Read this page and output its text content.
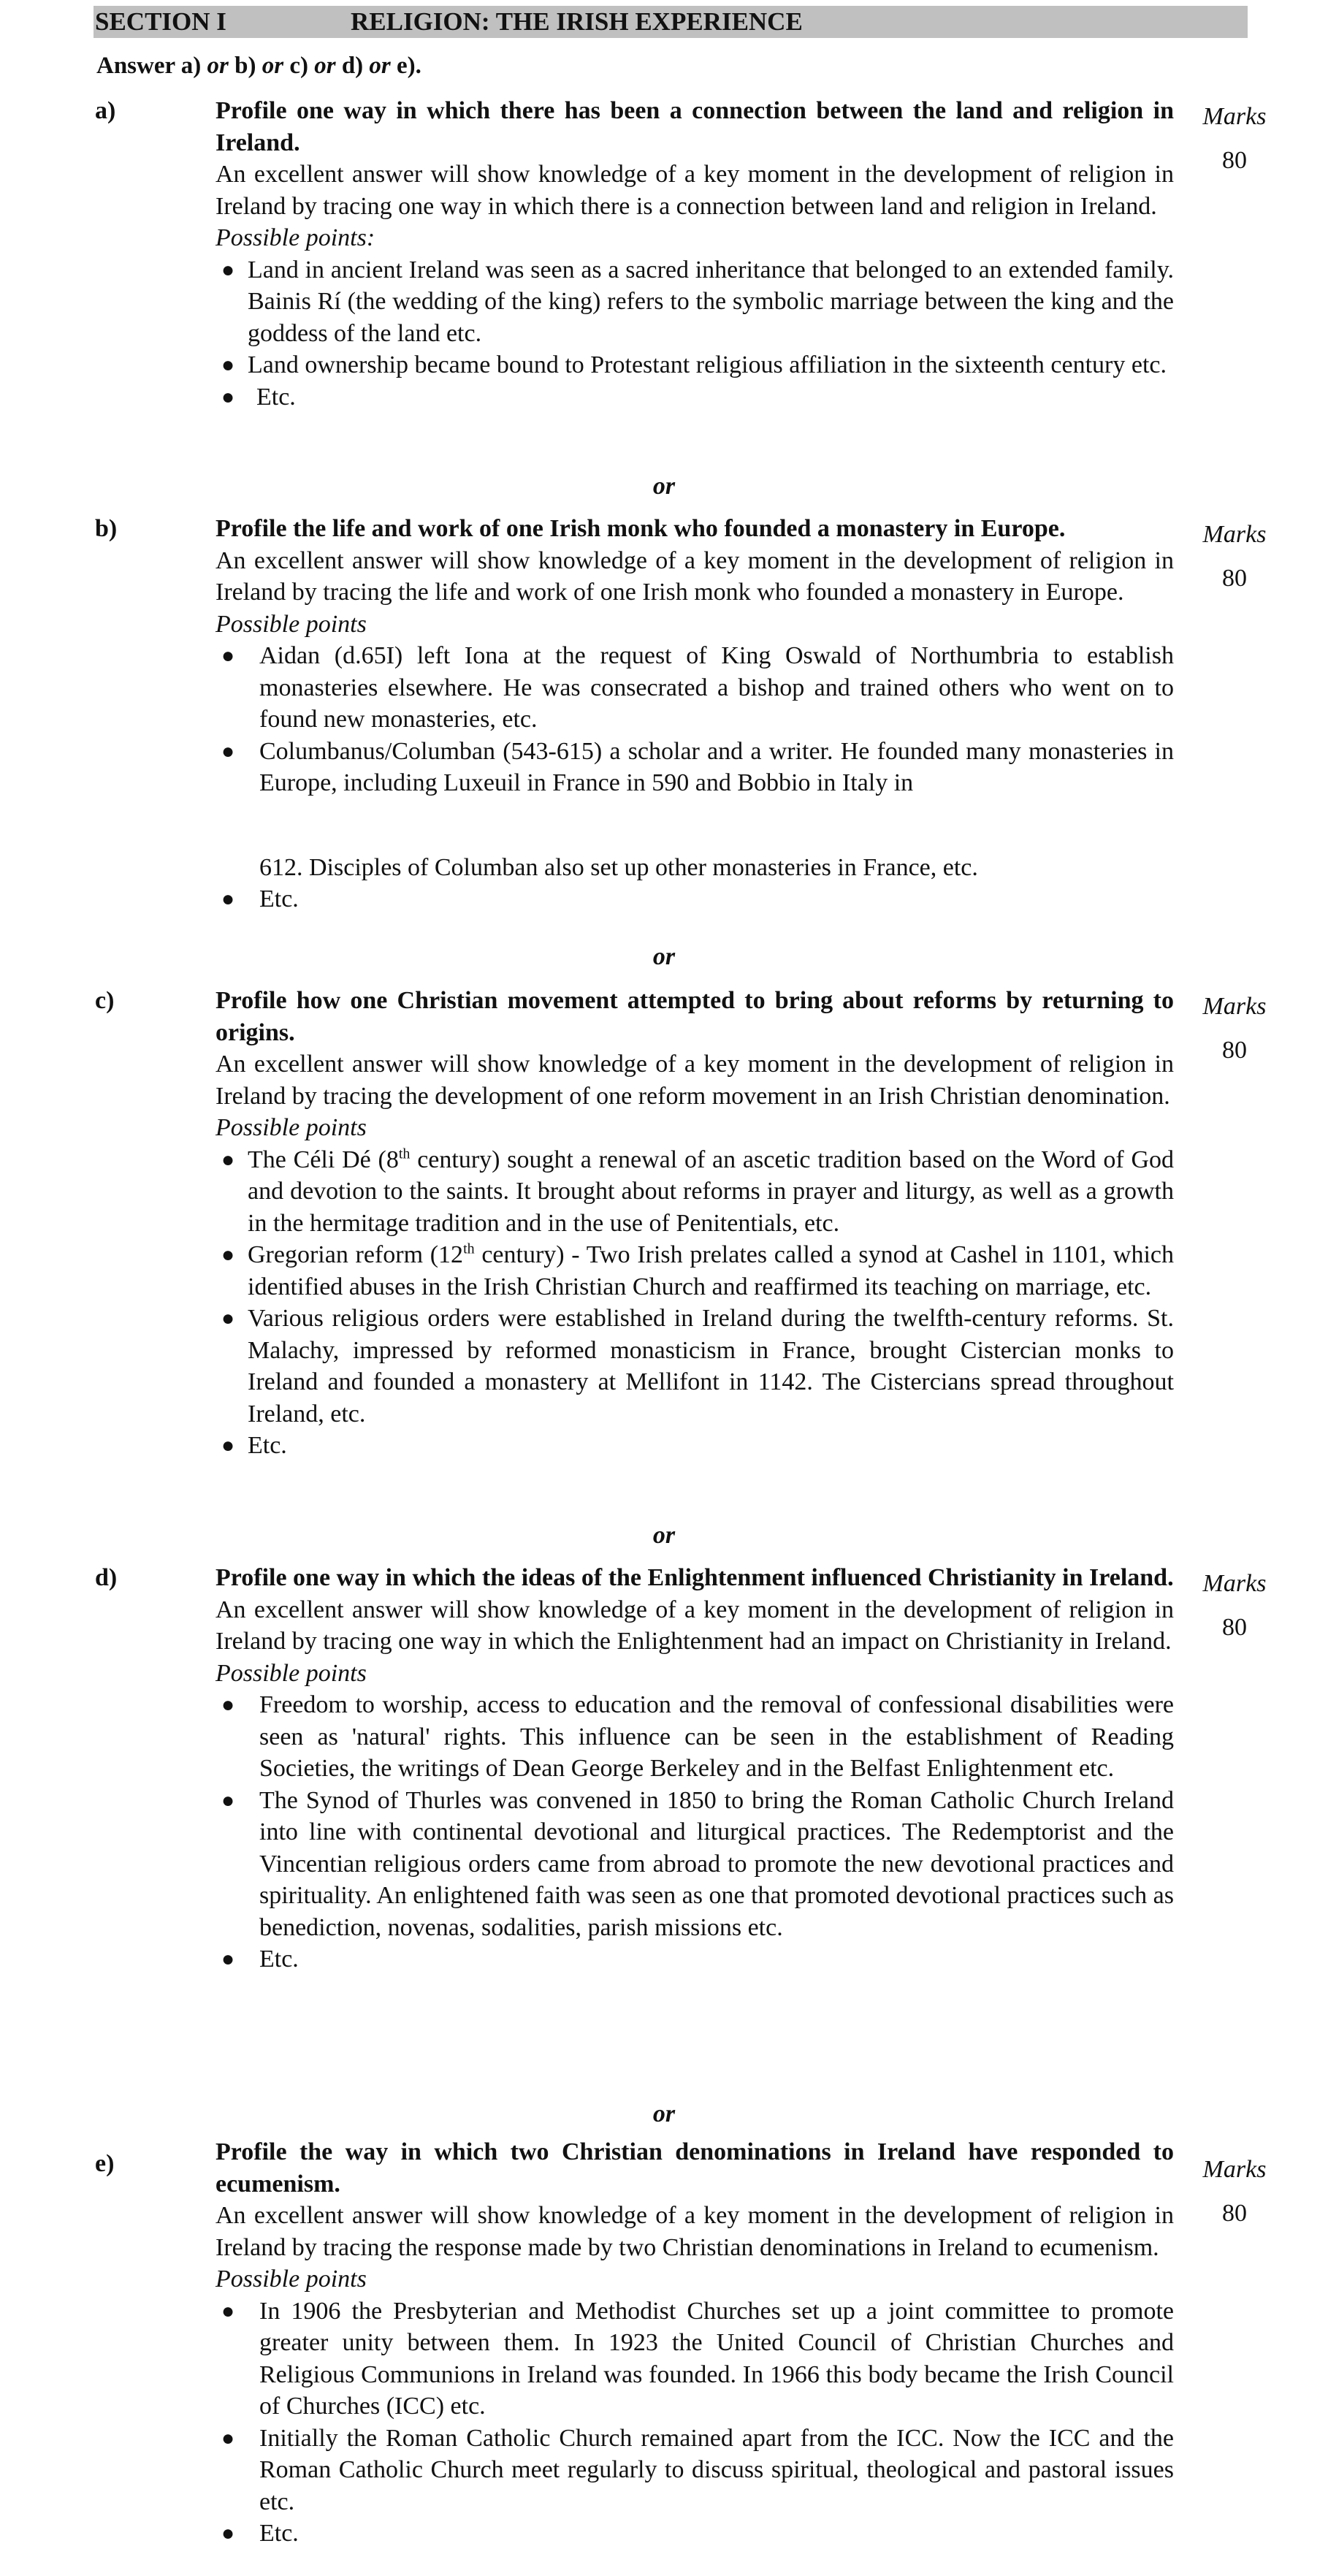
SECTION I	RELIGION: THE IRISH EXPERIENCE
Answer a) or b) or c) or d) or e).
a)	Profile one way in which there has been a connection between the land and religion in Ireland.

An excellent answer will show knowledge of a key moment in the development of religion in Ireland by tracing one way in which there is a connection between land and religion in Ireland.

Possible points:

● Land in ancient Ireland was seen as a sacred inheritance that belonged to an extended family. Bainis Rí (the wedding of the king) refers to the symbolic marriage between the king and the goddess of the land etc.
● Land ownership became bound to Protestant religious affiliation in the sixteenth century etc.
● Etc.
Marks
80
or
b)	Profile the life and work of one Irish monk who founded a monastery in Europe.

An excellent answer will show knowledge of a key moment in the development of religion in Ireland by tracing the life and work of one Irish monk who founded a monastery in Europe.

Possible points

● Aidan (d.65I) left Iona at the request of King Oswald of Northumbria to establish monasteries elsewhere. He was consecrated a bishop and trained others who went on to found new monasteries, etc.
● Columbanus/Columban (543-615) a scholar and a writer. He founded many monasteries in Europe, including Luxeuil in France in 590 and Bobbio in Italy in
612. Disciples of Columban also set up other monasteries in France, etc.
● Etc.
Marks
80
or
c)	Profile how one Christian movement attempted to bring about reforms by returning to origins.

An excellent answer will show knowledge of a key moment in the development of religion in Ireland by tracing the development of one reform movement in an Irish Christian denomination.

Possible points

● The Céli Dé (8th century) sought a renewal of an ascetic tradition based on the Word of God and devotion to the saints. It brought about reforms in prayer and liturgy, as well as a growth in the hermitage tradition and in the use of Penitentials, etc.
● Gregorian reform (12th century) - Two Irish prelates called a synod at Cashel in 1101, which identified abuses in the Irish Christian Church and reaffirmed its teaching on marriage, etc.
● Various religious orders were established in Ireland during the twelfth-century reforms. St. Malachy, impressed by reformed monasticism in France, brought Cistercian monks to Ireland and founded a monastery at Mellifont in 1142. The Cistercians spread throughout Ireland, etc.
● Etc.
Marks
80
or
d)	Profile one way in which the ideas of the Enlightenment influenced Christianity in Ireland.

An excellent answer will show knowledge of a key moment in the development of religion in Ireland by tracing one way in which the Enlightenment had an impact on Christianity in Ireland.

Possible points

● Freedom to worship, access to education and the removal of confessional disabilities were seen as 'natural' rights. This influence can be seen in the establishment of Reading Societies, the writings of Dean George Berkeley and in the Belfast Enlightenment etc.
● The Synod of Thurles was convened in 1850 to bring the Roman Catholic Church Ireland into line with continental devotional and liturgical practices. The Redemptorist and the Vincentian religious orders came from abroad to promote the new devotional practices and spirituality. An enlightened faith was seen as one that promoted devotional practices such as benediction, novenas, sodalities, parish missions etc.
● Etc.
Marks
80
or
e)	Profile the way in which two Christian denominations in Ireland have responded to ecumenism.

An excellent answer will show knowledge of a key moment in the development of religion in Ireland by tracing the response made by two Christian denominations in Ireland to ecumenism.

Possible points

● In 1906 the Presbyterian and Methodist Churches set up a joint committee to promote greater unity between them. In 1923 the United Council of Christian Churches and Religious Communions in Ireland was founded. In 1966 this body became the Irish Council of Churches (ICC) etc.
● Initially the Roman Catholic Church remained apart from the ICC. Now the ICC and the Roman Catholic Church meet regularly to discuss spiritual, theological and pastoral issues etc.
● Etc.
Marks
80
